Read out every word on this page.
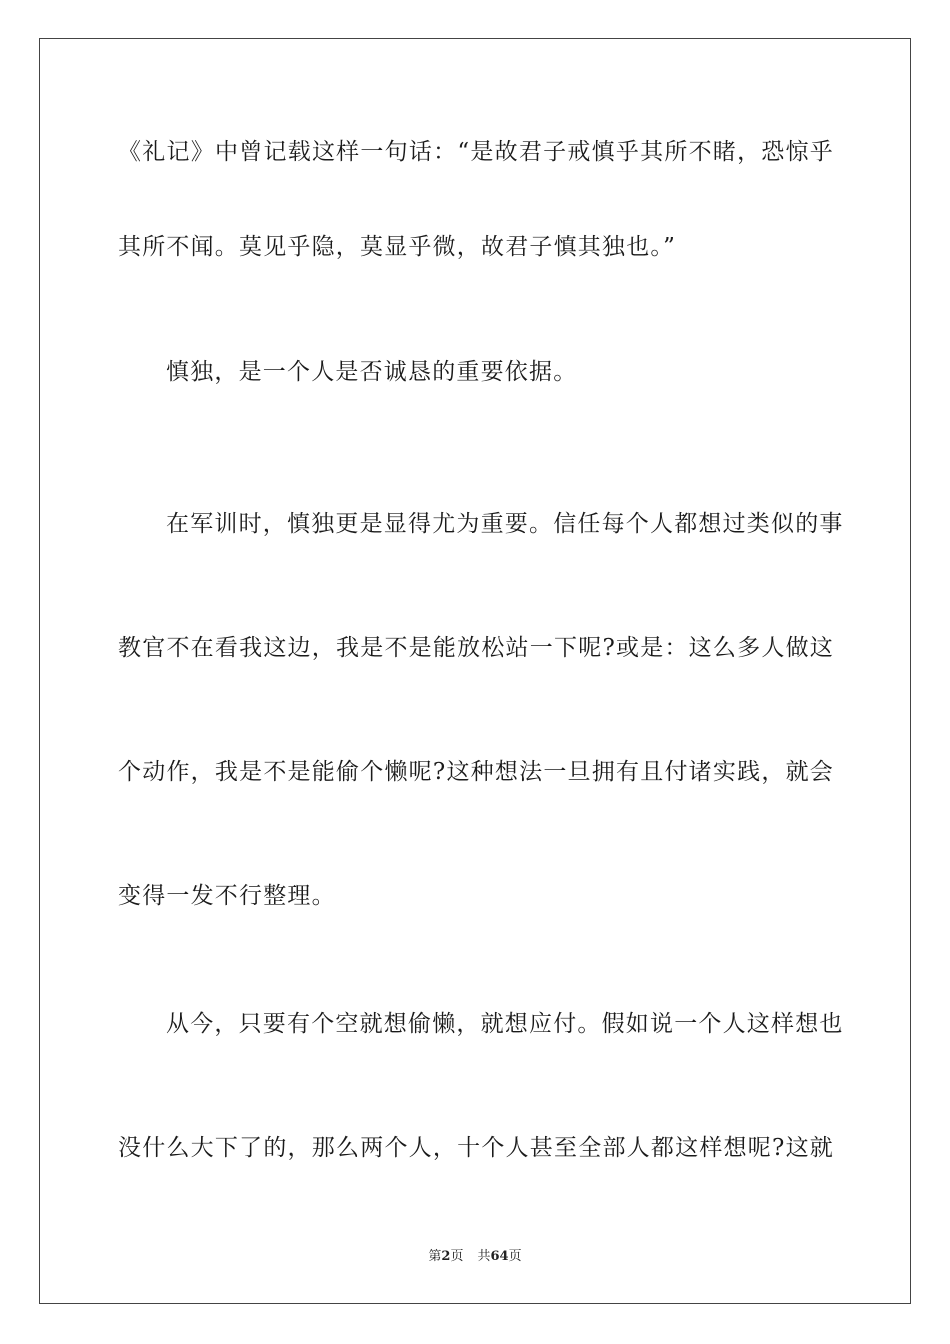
《礼记》中曾记载这样一句话：“是故君子戒慎乎其所不睹，恐惊乎
其所不闻。莫见乎隐，莫显乎微，故君子慎其独也。”
慎独，是一个人是否诚恳的重要依据。
在军训时，慎独更是显得尤为重要。信任每个人都想过类似的事
教官不在看我这边，我是不是能放松站一下呢?或是：这么多人做这
个动作，我是不是能偷个懒呢?这种想法一旦拥有且付诸实践，就会
变得一发不行整理。
从今，只要有个空就想偷懒，就想应付。假如说一个人这样想也
没什么大下了的，那么两个人，十个人甚至全部人都这样想呢?这就
第2页 共64页
